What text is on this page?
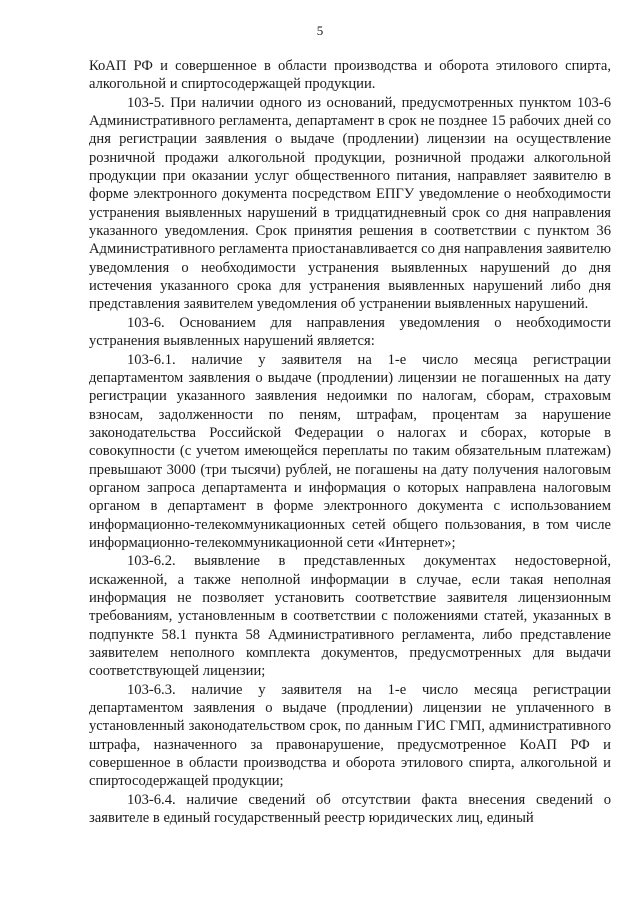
5

КоАП РФ и совершенное в области производства и оборота этилового спирта, алкогольной и спиртосодержащей продукции.

103-5. При наличии одного из оснований, предусмотренных пунктом 103-6 Административного регламента, департамент в срок не позднее 15 рабочих дней со дня регистрации заявления о выдаче (продлении) лицензии на осуществление розничной продажи алкогольной продукции, розничной продажи алкогольной продукции при оказании услуг общественного питания, направляет заявителю в форме электронного документа посредством ЕПГУ уведомление о необходимости устранения выявленных нарушений в тридцатидневный срок со дня направления указанного уведомления. Срок принятия решения в соответствии с пунктом 36 Административного регламента приостанавливается со дня направления заявителю уведомления о необходимости устранения выявленных нарушений до дня истечения указанного срока для устранения выявленных нарушений либо дня представления заявителем уведомления об устранении выявленных нарушений.

103-6. Основанием для направления уведомления о необходимости устранения выявленных нарушений является:

103-6.1. наличие у заявителя на 1-е число месяца регистрации департаментом заявления о выдаче (продлении) лицензии не погашенных на дату регистрации указанного заявления недоимки по налогам, сборам, страховым взносам, задолженности по пеням, штрафам, процентам за нарушение законодательства Российской Федерации о налогах и сборах, которые в совокупности (с учетом имеющейся переплаты по таким обязательным платежам) превышают 3000 (три тысячи) рублей, не погашены на дату получения налоговым органом запроса департамента и информация о которых направлена налоговым органом в департамент в форме электронного документа с использованием информационно-телекоммуникационных сетей общего пользования, в том числе информационно-телекоммуникационной сети «Интернет»;

103-6.2. выявление в представленных документах недостоверной, искаженной, а также неполной информации в случае, если такая неполная информация не позволяет установить соответствие заявителя лицензионным требованиям, установленным в соответствии с положениями статей, указанных в подпункте 58.1 пункта 58 Административного регламента, либо представление заявителем неполного комплекта документов, предусмотренных для выдачи соответствующей лицензии;

103-6.3. наличие у заявителя на 1-е число месяца регистрации департаментом заявления о выдаче (продлении) лицензии не уплаченного в установленный законодательством срок, по данным ГИС ГМП, административного штрафа, назначенного за правонарушение, предусмотренное КоАП РФ и совершенное в области производства и оборота этилового спирта, алкогольной и спиртосодержащей продукции;

103-6.4. наличие сведений об отсутствии факта внесения сведений о заявителе в единый государственный реестр юридических лиц, единый
